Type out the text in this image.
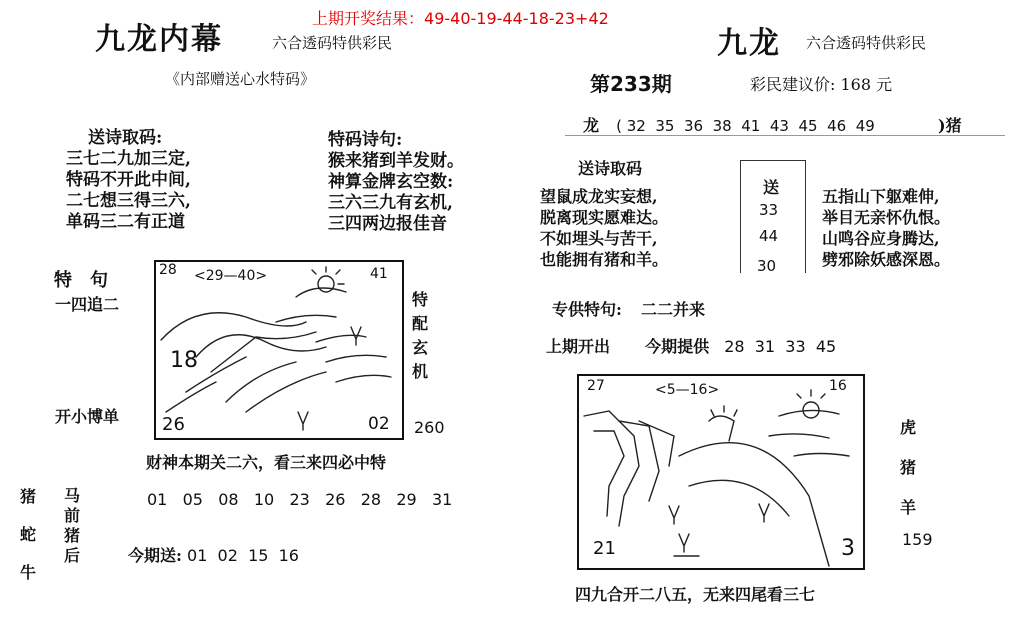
上期开奖结果：49-40-19-44-18-23+42
九龙内幕	六合透码特供彩民
《内部赠送心水特码》
送诗取码:
三七二九加三定,
特码不开此中间,
二七想三得三六,
单码三二有正道
特码诗句:
猴来猪到羊发财。
神算金牌玄空数:
三六三九有玄机,
三四两边报佳音
特　句
一四追二
开小博单
28 <29—40>	41
18
26	02
特
配
玄
机
260
财神本期关二六，看三来四必中特
猪
蛇
牛
马
前
猪
后
01 05 08 10 23 26 28 29 31
今期送: 01  02  15  16
九龙 六合透码特供彩民
第233期	彩民建议价: 168 元
龙 ( 32  35  36  38  41  43  45  46  49	)猪
送诗取码
望鼠成龙实妄想,
脱离现实愿难达。
不如埋头与苦干,
也能拥有猪和羊。
送
33
44
30
五指山下躯难伸,
举目无亲怀仇恨。
山鸣谷应身腾达,
劈邪除妖感深恩。
专供特句: 二二并来
上期开出 今期提供 28  31  33  45
27	<5—16>	16
21	3
虎
猪
羊
159
四九合开二八五，无来四尾看三七
